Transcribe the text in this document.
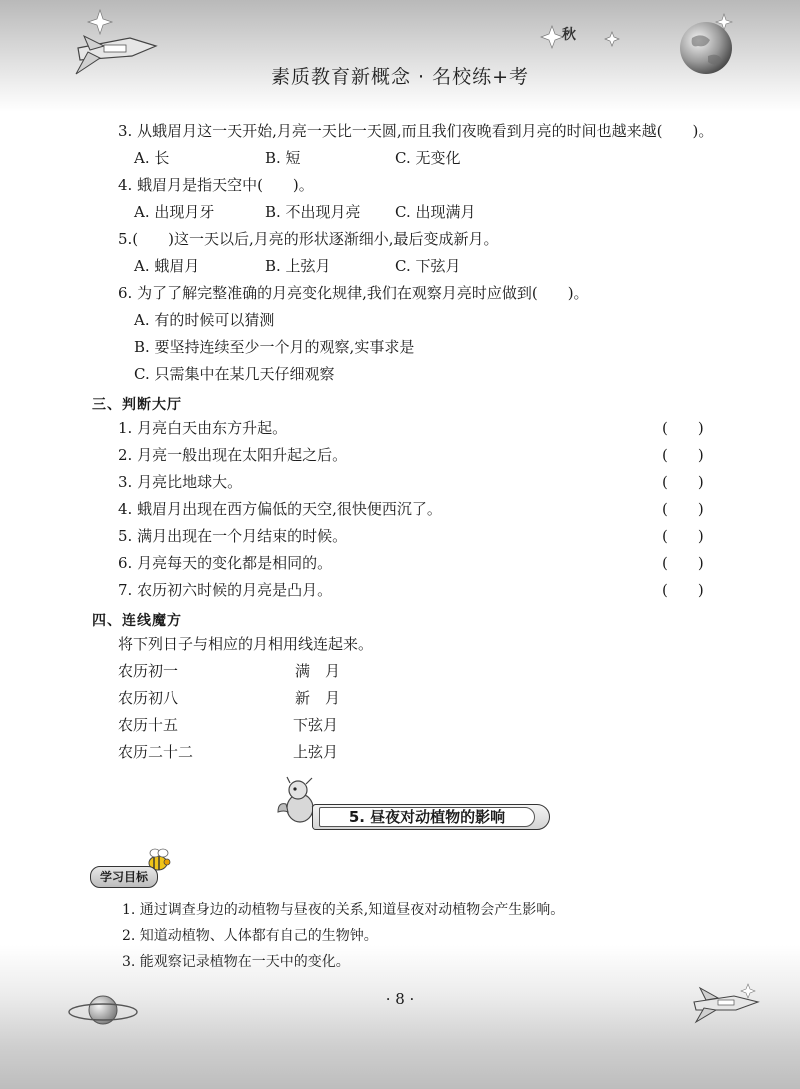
素质教育新概念 · 名校练+考
秋
3. 从蛾眉月这一天开始,月亮一天比一天圆,而且我们夜晚看到月亮的时间也越来越(　　)。
A. 长	B. 短	C. 无变化
4. 蛾眉月是指天空中(　　)。
A. 出现月牙	B. 不出现月亮 C. 出现满月
5.(　　)这一天以后,月亮的形状逐渐细小,最后变成新月。
A. 蛾眉月	B. 上弦月	C. 下弦月
6. 为了了解完整准确的月亮变化规律,我们在观察月亮时应做到(　　)。
A. 有的时候可以猜测
B. 要坚持连续至少一个月的观察,实事求是
C. 只需集中在某几天仔细观察
三、判断大厅
1. 月亮白天由东方升起。	(　　)
2. 月亮一般出现在太阳升起之后。	(　　)
3. 月亮比地球大。	(　　)
4. 蛾眉月出现在西方偏低的天空,很快便西沉了。	(　　)
5. 满月出现在一个月结束的时候。	(　　)
6. 月亮每天的变化都是相同的。	(　　)
7. 农历初六时候的月亮是凸月。	(　　)
四、连线魔方
将下列日子与相应的月相用线连起来。
农历初一	满　月
农历初八	新　月
农历十五	下弦月
农历二十二	上弦月
5. 昼夜对动植物的影响
学习目标
1. 通过调查身边的动植物与昼夜的关系,知道昼夜对动植物会产生影响。
2. 知道动植物、人体都有自己的生物钟。
3. 能观察记录植物在一天中的变化。
· 8 ·
